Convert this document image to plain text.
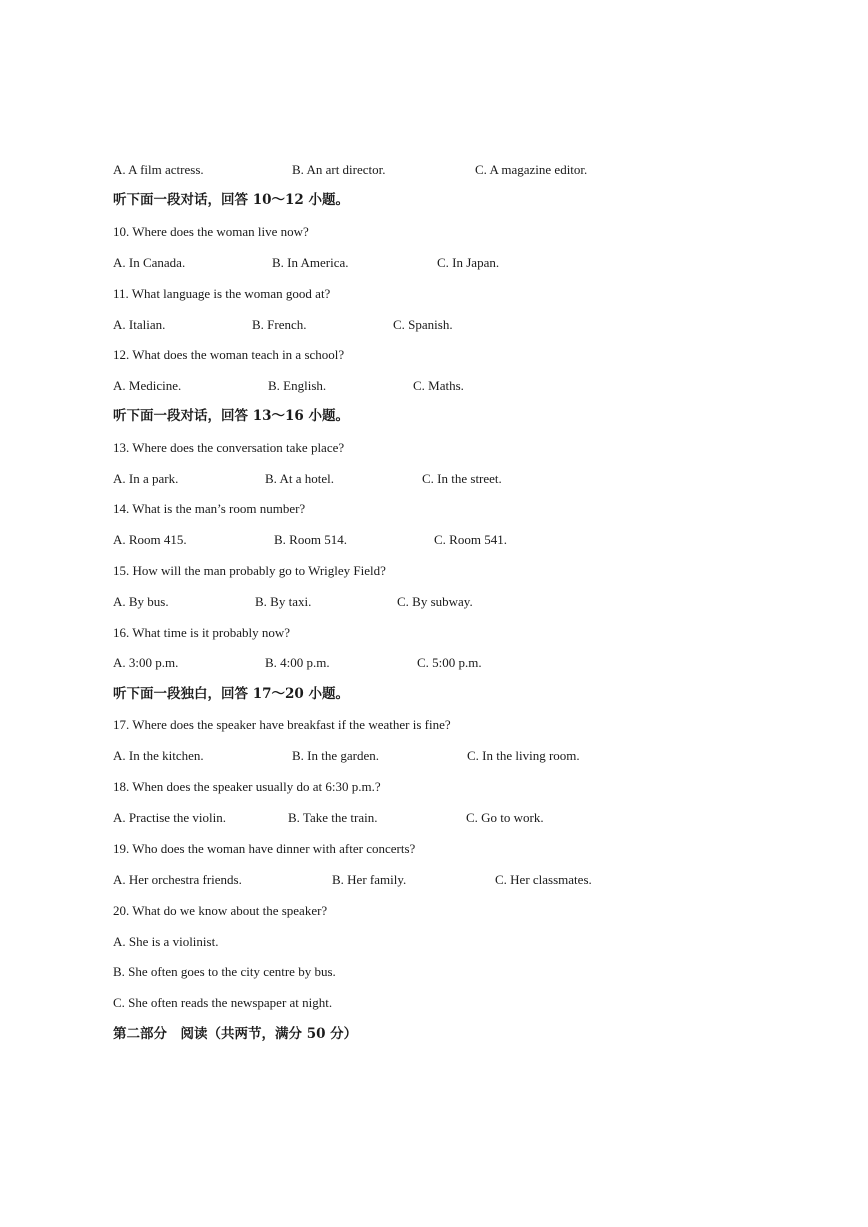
A. A film actress.	B. An art director.	C. A magazine editor.
听下面一段对话，回答 10～12 小题。
10. Where does the woman live now?
A. In Canada.	B. In America.	C. In Japan.
11. What language is the woman good at?
A. Italian.	B. French.	C. Spanish.
12. What does the woman teach in a school?
A. Medicine.	B. English.	C. Maths.
听下面一段对话，回答 13～16 小题。
13. Where does the conversation take place?
A. In a park.	B. At a hotel.	C. In the street.
14. What is the man’s room number?
A. Room 415.	B. Room 514.	C. Room 541.
15. How will the man probably go to Wrigley Field?
A. By bus.	B. By taxi.	C. By subway.
16. What time is it probably now?
A. 3:00 p.m.	B. 4:00 p.m.	C. 5:00 p.m.
听下面一段独白，回答 17～20 小题。
17. Where does the speaker have breakfast if the weather is fine?
A. In the kitchen.	B. In the garden.	C. In the living room.
18. When does the speaker usually do at 6:30 p.m.?
A. Practise the violin.	B. Take the train.	C. Go to work.
19. Who does the woman have dinner with after concerts?
A. Her orchestra friends.	B. Her family.	C. Her classmates.
20. What do we know about the speaker?
A. She is a violinist.
B. She often goes to the city centre by bus.
C. She often reads the newspaper at night.
第二部分　阅读（共两节，满分 50 分）
